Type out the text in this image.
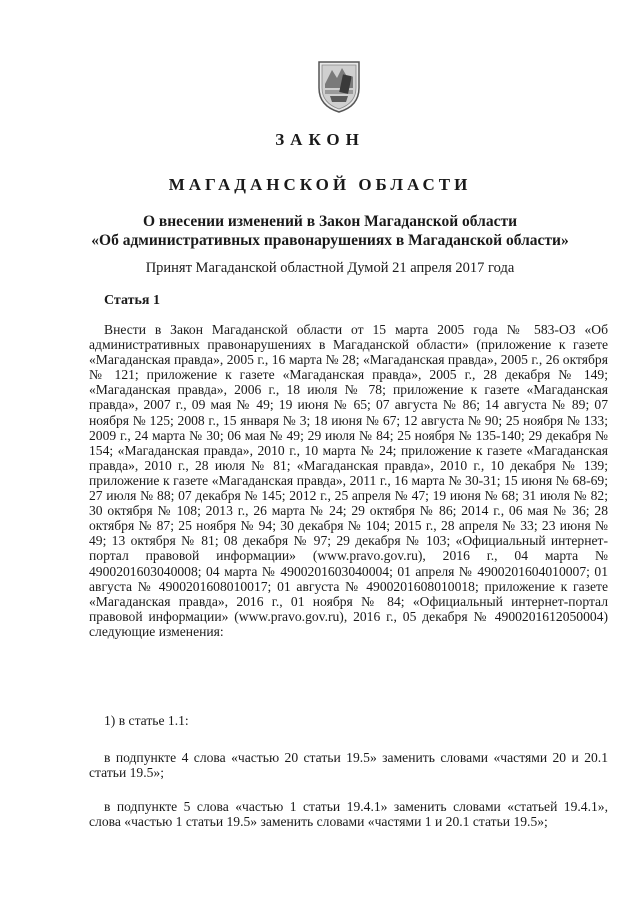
ЗАКОН
МАГАДАНСКОЙ ОБЛАСТИ
О внесении изменений в Закон Магаданской области
«Об административных правонарушениях в Магаданской области»
Принят Магаданской областной Думой 21 апреля 2017 года
Статья 1

Внести в Закон Магаданской области от 15 марта 2005 года № 583-ОЗ «Об административных правонарушениях в Магаданской области» (приложение к газете «Магаданская правда», 2005 г., 16 марта № 28; «Магаданская правда», 2005 г., 26 октября № 121; приложение к газете «Магаданская правда», 2005 г., 28 декабря № 149; «Магаданская правда», 2006 г., 18 июля № 78; приложение к газете «Магаданская правда», 2007 г., 09 мая № 49; 19 июня № 65; 07 августа № 86; 14 августа № 89; 07 ноября № 125; 2008 г., 15 января № 3; 18 июня № 67; 12 августа № 90; 25 ноября № 133; 2009 г., 24 марта № 30; 06 мая № 49; 29 июля № 84; 25 ноября № 135-140; 29 декабря № 154; «Магаданская правда», 2010 г., 10 марта № 24; приложение к газете «Магаданская правда», 2010 г., 28 июля № 81; «Магаданская правда», 2010 г., 10 декабря № 139; приложение к газете «Магаданская правда», 2011 г., 16 марта № 30-31; 15 июня № 68-69; 27 июля № 88; 07 декабря № 145; 2012 г., 25 апреля № 47; 19 июня № 68; 31 июля № 82; 30 октября № 108; 2013 г., 26 марта № 24; 29 октября № 86; 2014 г., 06 мая № 36; 28 октября № 87; 25 ноября № 94; 30 декабря № 104; 2015 г., 28 апреля № 33; 23 июня № 49; 13 октября № 81; 08 декабря № 97; 29 декабря № 103; «Официальный интернет-портал правовой информации» (www.pravo.gov.ru), 2016 г., 04 марта № 4900201603040008; 04 марта № 4900201603040004; 01 апреля № 4900201604010007; 01 августа № 4900201608010017; 01 августа № 4900201608010018; приложение к газете «Магаданская правда», 2016 г., 01 ноября № 84; «Официальный интернет-портал правовой информации» (www.pravo.gov.ru), 2016 г., 05 декабря № 4900201612050004) следующие изменения:

1) в статье 1.1:

в подпункте 4 слова «частью 20 статьи 19.5» заменить словами «частями 20 и 20.1 статьи 19.5»;

в подпункте 5 слова «частью 1 статьи 19.4.1» заменить словами «статьей 19.4.1», слова «частью 1 статьи 19.5» заменить словами «частями 1 и 20.1 статьи 19.5»;
